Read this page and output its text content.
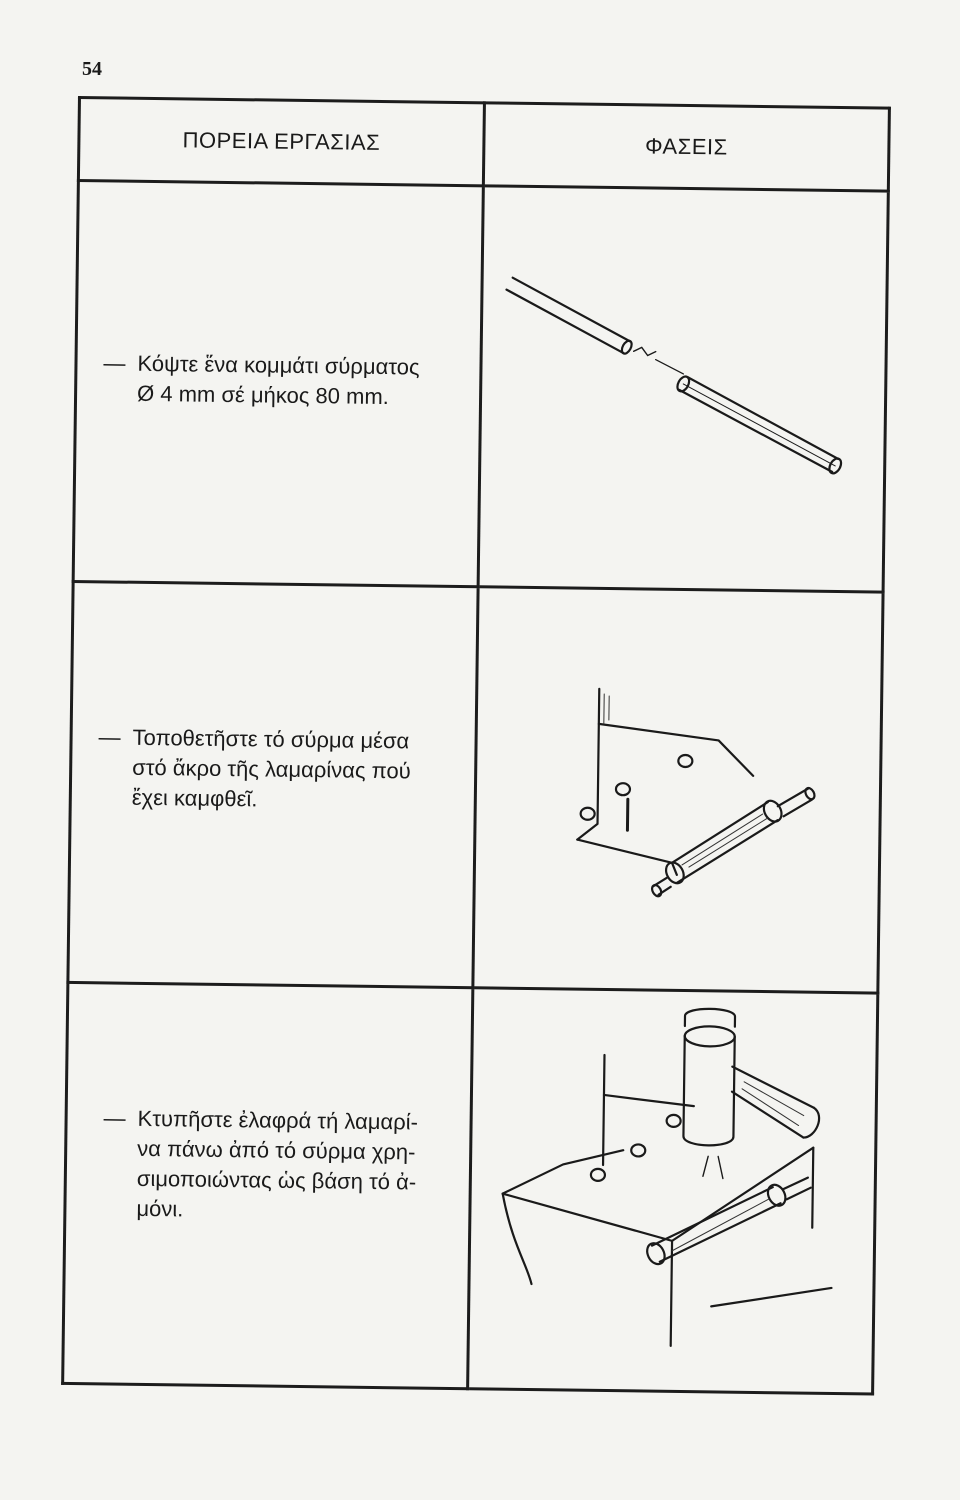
54
ΠΟΡΕΙΑ ΕΡΓΑΣΙΑΣ	ΦΑΣΕΙΣ

— Κόψτε ἕνα κομμάτι σύρματος
Ø 4 mm σέ μήκος 80 mm.

— Τοποθετῆστε τό σύρμα μέσα
στό ἄκρο τῆς λαμαρίνας πού
ἔχει καμφθεῖ.

— Κτυπῆστε ἐλαφρά τή λαμαρί-
να πάνω ἀπό τό σύρμα χρη-
σιμοποιώντας ὡς βάση τό ἀ-
μόνι.
